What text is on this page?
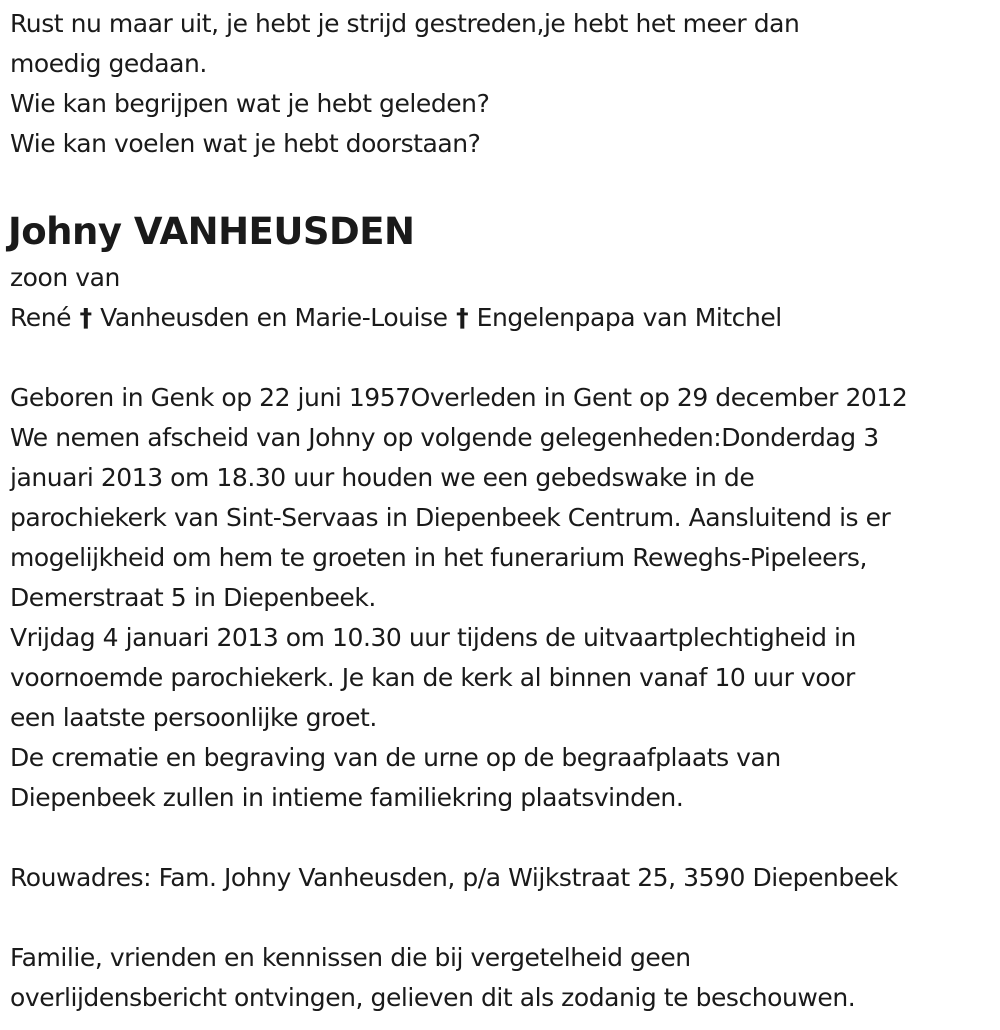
Rust nu maar uit, je hebt je strijd gestreden,je hebt het meer dan
moedig gedaan.
Wie kan begrijpen wat je hebt geleden?
Wie kan voelen wat je hebt doorstaan?
Johny VANHEUSDEN
zoon van
René † Vanheusden en Marie-Louise † Engelenpapa van Mitchel
Geboren in Genk op 22 juni 1957Overleden in Gent op 29 december 2012
We nemen afscheid van Johny op volgende gelegenheden:Donderdag 3
januari 2013 om 18.30 uur houden we een gebedswake in de
parochiekerk van Sint-Servaas in Diepenbeek Centrum. Aansluitend is er
mogelijkheid om hem te groeten in het funerarium Reweghs-Pipeleers,
Demerstraat 5 in Diepenbeek.
Vrijdag 4 januari 2013 om 10.30 uur tijdens de uitvaartplechtigheid in
voornoemde parochiekerk. Je kan de kerk al binnen vanaf 10 uur voor
een laatste persoonlijke groet.
De crematie en begraving van de urne op de begraafplaats van
Diepenbeek zullen in intieme familiekring plaatsvinden.
Rouwadres: Fam. Johny Vanheusden, p/a Wijkstraat 25, 3590 Diepenbeek
Familie, vrienden en kennissen die bij vergetelheid geen
overlijdensbericht ontvingen, gelieven dit als zodanig te beschouwen.
